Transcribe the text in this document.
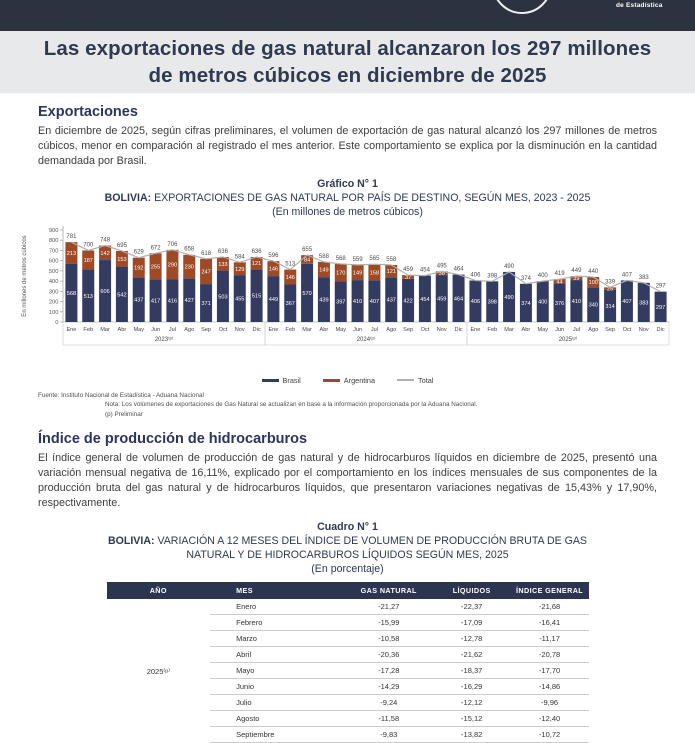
de Estadística
Las exportaciones de gas natural alcanzaron los 297 millones de metros cúbicos en diciembre de 2025
Exportaciones

En diciembre de 2025, según cifras preliminares, el volumen de exportación de gas natural alcanzó los 297 millones de metros cúbicos, menor en comparación al registrado el mes anterior. Este comportamiento se explica por la disminución en la cantidad demandada por Brasil.

Gráfico N° 1
BOLIVIA: EXPORTACIONES DE GAS NATURAL POR PAÍS DE DESTINO, SEGÚN MES, 2023 - 2025
(En millones de metros cúbicos)
0
100
200
300
400
500
600
700
800
900
En millones de metros cúbicos
2023⁽ᵖ⁾
568
213
781
Ene
513
187
700
Feb
606
142
748
Mar
542
153
695
Abr
437
192
629
May
417
255
672
Jun
416
290
706
Jul
427
230
658
Ago
371
247
618
Sep
503
133
636
Oct
455
129
584
Nov
515
121
636
Dic
2024⁽ᵖ⁾
449
146
596
Ene
367
146
513
Feb
570
84
655
Mar
439
149
588
Abr
397
170
568
May
410
149
559
Jun
407
158
565
Jul
437
121
558
Ago
422
37
459
Sep
454
454
Oct
459
36
495
Nov
464
464
Dic
2025⁽ᵖ⁾
406
406
Ene
398
398
Feb
490
490
Mar
374
374
Abr
400
400
May
376
44
419
Jun
410
39
449
Jul
340
100
440
Ago
314
25
339
Sep
407
407
Oct
383
383
Nov
297
297
Dic
Brasil	Argentina	Total
Fuente: Instituto Nacional de Estadística - Aduana Nacional
Nota: Los volúmenes de exportaciones de Gas Natural se actualizan en base a la información proporcionada por la Aduana Nacional.
(p) Preliminar
Índice de producción de hidrocarburos

El índice general de volumen de producción de gas natural y de hidrocarburos líquidos en diciembre de 2025, presentó una variación mensual negativa de 16,11%, explicado por el comportamiento en los índices mensuales de sus componentes de la producción bruta del gas natural y de hidrocarburos líquidos, que presentaron variaciones negativas de 15,43% y 17,90%, respectivamente.

Cuadro N° 1
BOLIVIA: VARIACIÓN A 12 MESES DEL ÍNDICE DE VOLUMEN DE PRODUCCIÓN BRUTA DE GAS NATURAL Y DE HIDROCARBUROS LÍQUIDOS SEGÚN MES, 2025
(En porcentaje)
AÑO	MES	GAS NATURAL	LÍQUIDOS	ÍNDICE GENERAL
2025⁽ᵖ⁾	Enero	-21,27	-22,37	-21,68
	Febrero	-15,99	-17,09	-16,41
	Marzo	-10,58	-12,78	-11,17
	Abril	-20,36	-21,62	-20,78
	Mayo	-17,28	-18,37	-17,70
	Junio	-14,29	-16,29	-14,86
	Julio	-9,24	-12,12	-9,96
	Agosto	-11,58	-15,12	-12,40
	Septiembre	-9,83	-13,82	-10,72
